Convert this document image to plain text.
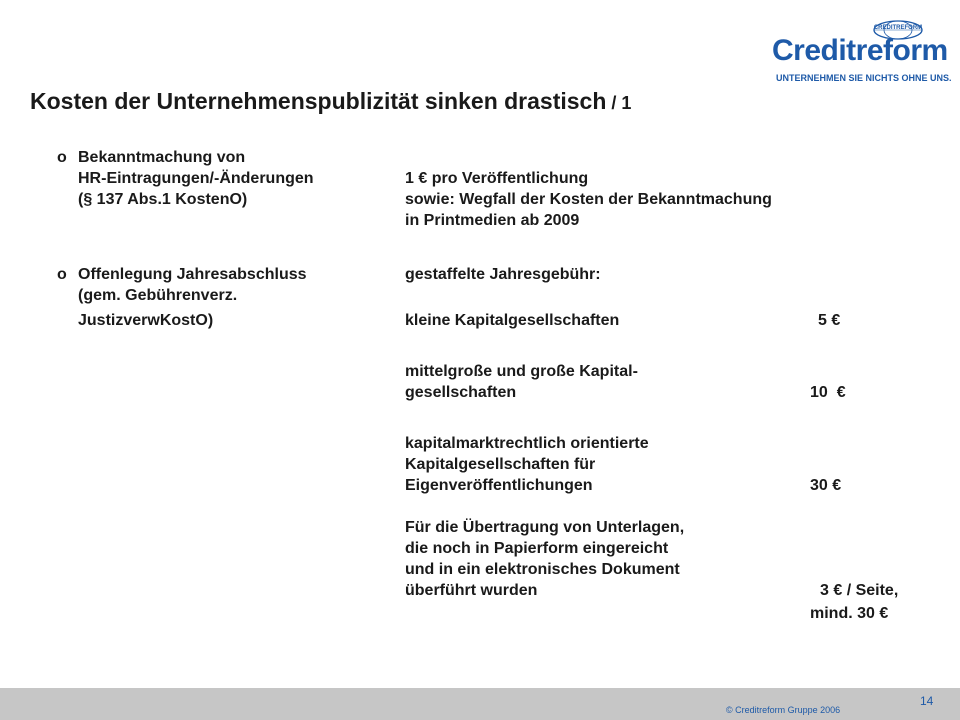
CREDITREFORM
Creditreform
UNTERNEHMEN SIE NICHTS OHNE UNS.
Kosten der Unternehmenspublizität sinken drastisch / 1
o Bekanntmachung von
HR-Eintragungen/-Änderungen
(§ 137 Abs.1 KostenO)
1 € pro Veröffentlichung
sowie: Wegfall der Kosten der Bekanntmachung
in Printmedien ab 2009
o Offenlegung Jahresabschluss
(gem. Gebührenverz.
JustizverwKostO)
gestaffelte Jahresgebühr:
kleine Kapitalgesellschaften	5 €
mittelgroße und große Kapital-
gesellschaften	10  €
kapitalmarktrechtlich orientierte
Kapitalgesellschaften für
Eigenveröffentlichungen	30 €
Für die Übertragung von Unterlagen,
die noch in Papierform eingereicht
und in ein elektronisches Dokument
überführt wurden	3 € / Seite,
mind. 30 €
14
© Creditreform Gruppe 2006
